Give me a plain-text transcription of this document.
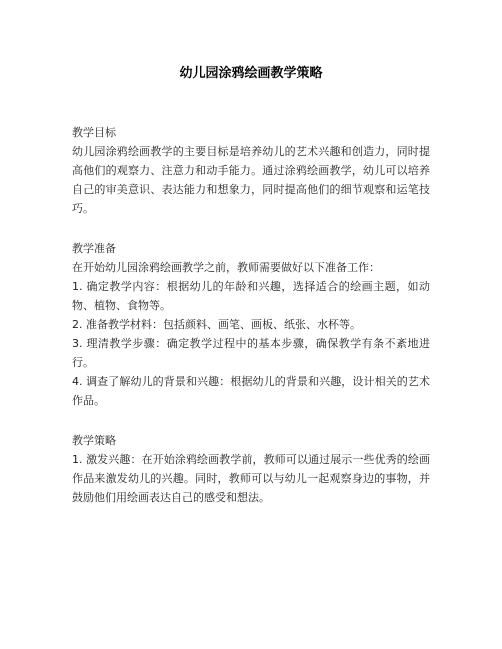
幼儿园涂鸦绘画教学策略

教学目标

幼儿园涂鸦绘画教学的主要目标是培养幼儿的艺术兴趣和创造力，同时提高他们的观察力、注意力和动手能力。通过涂鸦绘画教学，幼儿可以培养自己的审美意识、表达能力和想象力，同时提高他们的细节观察和运笔技巧。

教学准备

在开始幼儿园涂鸦绘画教学之前，教师需要做好以下准备工作：

1. 确定教学内容：根据幼儿的年龄和兴趣，选择适合的绘画主题，如动物、植物、食物等。

2. 准备教学材料：包括颜料、画笔、画板、纸张、水杯等。

3. 理清教学步骤：确定教学过程中的基本步骤，确保教学有条不紊地进行。

4. 调查了解幼儿的背景和兴趣：根据幼儿的背景和兴趣，设计相关的艺术作品。

教学策略

1. 激发兴趣：在开始涂鸦绘画教学前，教师可以通过展示一些优秀的绘画作品来激发幼儿的兴趣。同时，教师可以与幼儿一起观察身边的事物，并鼓励他们用绘画表达自己的感受和想法。
